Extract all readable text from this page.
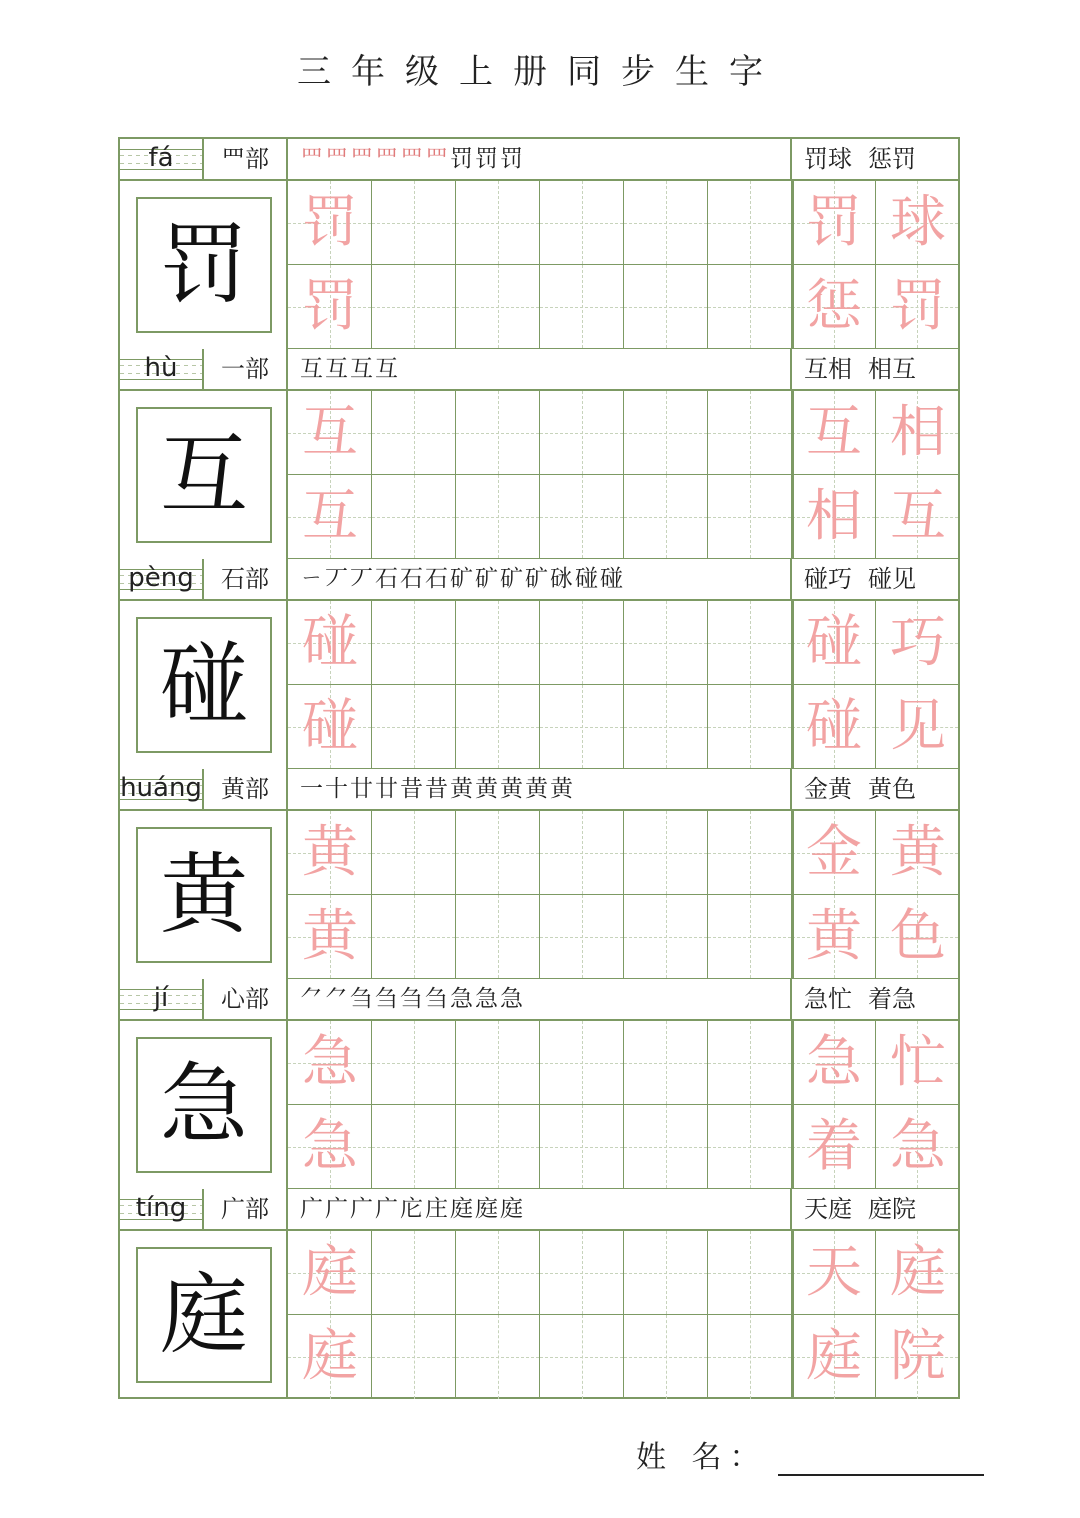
三年级上册同步生字
fá	罒部	罒罒罒罒罒罒罚罚罚	罚球 惩罚
罚 罚	罚 球
罚	惩 罚
hù	一部	互互互互	互相 相互
互 互	互 相
互	相 互
pèng	石部	ㄧ丆丆石石石矿矿矿矿砯碰碰	碰巧 碰见
碰 碰	碰 巧
碰	碰 见
huáng 黄部	一十廿廿昔昔黄黄黄黄黄	金黄 黄色
黄 黄	金 黄
黄	黄 色
jí	心部	⺈⺈刍刍刍刍急急急	急忙 着急
急 急	急 忙
急	着 急
tíng	广部	广广广广庀庄庭庭庭	天庭 庭院
庭 庭	天 庭
庭	庭 院
姓 名：
